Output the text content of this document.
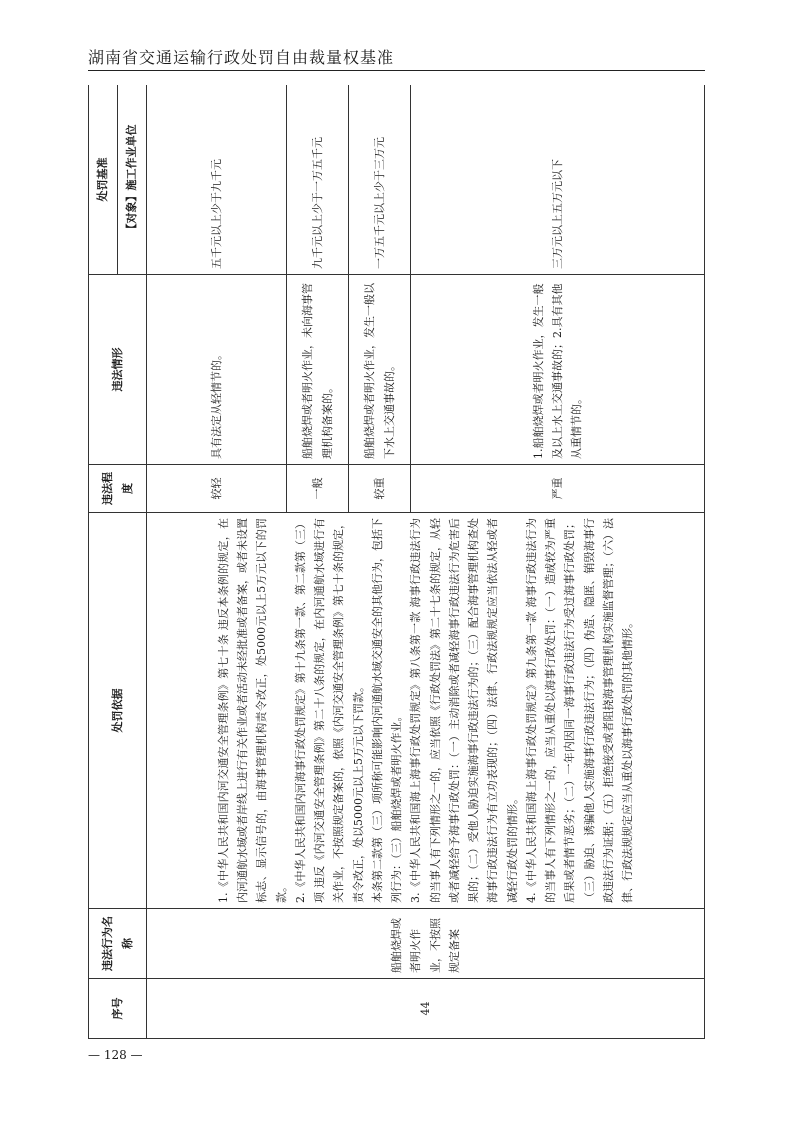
湖南省交通运输行政处罚自由裁量权基准
序号	违法行为名称	处罚依据	违法程度	违法情形	处罚基准
					【对象】施工作业单位
44	船舶烧焊或者明火作业，不按照规定备案	1.《中华人民共和国内河交通安全管理条例》第七十条 违反本条例的规定，在内河通航水域或者岸线上进行有关作业或者活动未经批准或者备案，或者未设置标志、显示信号的，由海事管理机构责令改正，处5000元以上5万元以下的罚款。 2.《中华人民共和国内河海事行政处罚规定》第十九条第一款、第二款第（三）项 违反《内河交通安全管理条例》第二十八条的规定，在内河通航水域进行有关作业，不按照规定备案的，依照《内河交通安全管理条例》第七十条的规定，责令改正，处以5000元以上5万元以下罚款。 本条第二款第（三）项所称可能影响内河通航水域交通安全的其他行为，包括下列行为：（三）船舶烧焊或者明火作业。 3.《中华人民共和国海上海事行政处罚规定》第八条第一款 海事行政违法行为的当事人有下列情形之一的，应当依照《行政处罚法》第二十七条的规定，从轻或者减轻给予海事行政处罚：（一）主动消除或者减轻海事行政违法行为危害后果的；（二）受他人胁迫实施海事行政违法行为的；（三）配合海事管理机构查处海事行政违法行为有立功表现的；（四）法律、行政法规规定应当依法从轻或者减轻行政处罚的情形。 4.《中华人民共和国海上海事行政处罚规定》第九条第一款 海事行政违法行为的当事人有下列情形之一的，应当从重处以海事行政处罚：（一）造成较为严重后果或者情节恶劣；（二）一年内因同一海事行政违法行为受过海事行政处罚；（三）胁迫、诱骗他人实施海事行政违法行为；（四）伪造、隐匿、销毁海事行政违法行为证据；（五）拒绝接受或者阻挠海事管理机构实施监督管理；（六）法律、行政法规规定应当从重处以海事行政处罚的其他情形。	较轻	具有法定从轻情节的。	五千元以上少于九千元
			一般	船舶烧焊或者明火作业，未向海事管理机构备案的。	九千元以上少于一万五千元
			较重	船舶烧焊或者明火作业，发生一般以下水上交通事故的。	一万五千元以上少于三万元
			严重	1.船舶烧焊或者明火作业，发生一般及以上水上交通事故的；2.具有其他从重情节的。	三万元以上五万元以下
— 128 —
